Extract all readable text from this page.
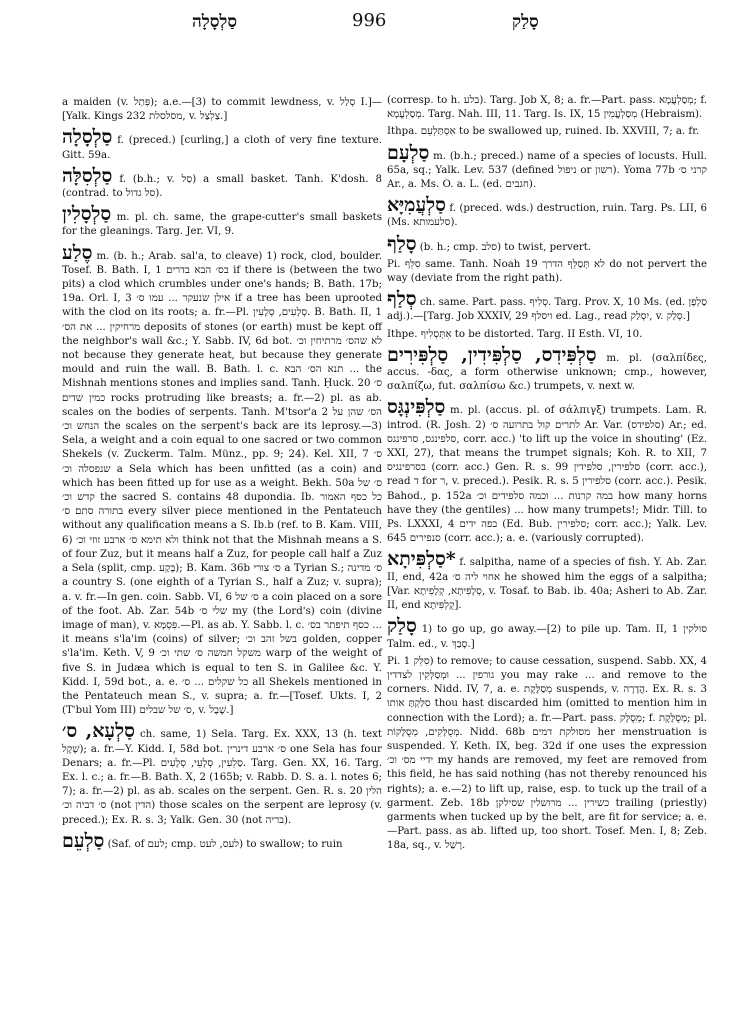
סַלְסָלָה	996	סָלַק
a maiden (v. פְּתַל); a.e.—[3) to commit lewdness, v. סְלַל I.]—[Yalk. Kings 232 מסלסלת, v. צַלְצַל.]
סַלְסָלָה f. (preced.) [curling,] a cloth of very fine texture. Gitt. 59a.
סַלְסִלָּה f. (b.h.; v. סַל) a small basket. Tanh. K'dosh. 8 (contrad. to סל גדול).
סַלְסָלִין m. pl. ch. same, the grape-cutter's small baskets for the gleanings. Targ. Jer. VI, 9.
סֶלַע m. (b. h.; Arab. sal'a, to cleave) 1) rock, clod, boulder. Tosef. B. Bath. I, 1 בס׳ הבא בדרים if there is (between the two pits) a clod which crumbles under one's hands; B. Bath. 17b; 19a. Orl. I, 3 אילן שנעקר ... עמו ס׳ if a tree has been uprooted with the clod on its roots; a. fr.—Pl. סְלָעִים, סְלָעִין. B. Bath. II, 1 מרחיקין ... את הס׳ deposits of stones (or earth) must be kept off the neighbor's wall &c.; Y. Sabb. IV, 6d bot. לא שהס׳ מרתיחין וכ׳ not because they generate heat, but because they generate mould and ruin the wall. B. Bath. l. c. תנא הס׳ הבא ... the Mishnah mentions stones and implies sand. Tanh. Ḥuck. 20 ס׳ כמין שדים rocks protruding like breasts; a. fr.—2) pl. as ab. scales on the bodies of serpents. Tanh. M'tsor'a 2 הס׳ שהן על הנחש וכ׳ the scales on the serpent's back are its leprosy.—3) Sela, a weight and a coin equal to one sacred or two common Shekels (v. Zuckerm. Talm. Münz., pp. 9; 24). Kel. XII, 7 ס׳ שנפסלה וכ׳ a Sela which has been unfitted (as a coin) and which has been fitted up for use as a weight. Bekh. 50a ס׳ של קדש וכ׳ the sacred S. contains 48 dupondia. Ib. כל כסף האמור בתורה סתם ס׳ every silver piece mentioned in the Pentateuch without any qualification means a S. Ib.b (ref. to B. Kam. VIII, 6) ולא תימא ס׳ ארבע זוזי וכ׳ think not that the Mishnah means a S. of four Zuz, but it means half a Zuz, for people call half a Zuz a Sela (split, cmp. בֶּקַע); B. Kam. 36b ס׳ צורי a Tyrian S.; ס׳ מדינה a country S. (one eighth of a Tyrian S., half a Zuz; v. supra); a. v. fr.—In gen. coin. Sabb. VI, 6 ס׳ של a coin placed on a sore of the foot. Ab. Zar. 54b שלי ס׳ my (the Lord's) coin (divine image of man), v. פִּסְמָּא.—Pl. as ab. Y. Sabb. l. c. כסף תיפתר בס׳ ... it means s'la'im (coins) of silver; בשל זהב וכ׳ golden, copper s'la'im. Keth. V, 9 משקל חמשה ס׳ שתי וכ׳ warp of the weight of five S. in Judæa which is equal to ten S. in Galilee &c. Y. Kidd. I, 59d bot., a. e. כל שקלים ... ס׳ all Shekels mentioned in the Pentateuch mean S., v. supra; a. fr.—[Tosef. Ukts. I, 2 (T'bul Yom III) ס׳ של שבלים, v. שֶׁבֶל.]
סַלְעָא, ס׳ ch. same, 1) Sela. Targ. Ex. XXX, 13 (h. text שֶׁקֶל); a. fr.—Y. Kidd. I, 58d bot. ס׳ ארבע דינרין one Sela has four Denars; a. fr.—Pl. סַלְעִין, סְלָעֵי, סְלָעִים. Targ. Gen. XX, 16. Targ. Ex. l. c.; a. fr.—B. Bath. X, 2 (165b; v. Rabb. D. S. a. l. notes 6; 7); a. fr.—2) pl. as ab. scales on the serpent. Gen. R. s. 20 הלין ס׳ דביה וכ׳ (not הדין) those scales on the serpent are leprosy (v. preced.); Ex. R. s. 3; Yalk. Gen. 30 (not בריה).
סַלְעֵם (Saf. of לעם; cmp. לעס, לעט) to swallow; to ruin
(corresp. to h. בלע). Targ. Job X, 8; a. fr.—Part. pass. מְסַלְעֲמָא; f. מְסַלְעֲמָא. Targ. Nah. III, 11. Targ. Is. IX, 15 מְסַלְעֲמִין (Hebraism).
Ithpa. אִסְתַּלְעֵם to be swallowed up, ruined. Ib. XXVIII, 7; a. fr.
סַלְעָם m. (b.h.; preced.) name of a species of locusts. Hull. 65a, sq.; Yalk. Lev. 537 (defined ניפול or רשון). Yoma 77b קרני ס׳ Ar., a. Ms. O. a. L. (ed. חגבים).
סַלְעֲמִיָּא f. (preced. wds.) destruction, ruin. Targ. Ps. LII, 6 (Ms. סלעמותא).
סָלַף (b. h.; cmp. סלב) to twist, pervert.
Pi. סִלֵּף same. Tanh. Noah 19 לא תְּסַלֵּף הדרך do not pervert the way (deviate from the right path).
סְלַף ch. same. Part. pass. סְלִיף. Targ. Prov. X, 10 Ms. (ed. סַלְפָן adj.).—[Targ. Job XXXIV, 29 ויסלף ed. Lag., read יִסְלַק, v. סְלַק.]
Ithpe. אִתְּסְלִיף to be distorted. Targ. II Esth. VI, 10.
סַלְפִּידִס, סַלְפִּידִין, סַלְפִּירִים m. pl. (σαλπίδες, accus. -δας, a form otherwise unknown; cmp., however, σαλπίζω, fut. σαλπίσω &c.) trumpets, v. next w.
סַלְפִּינְגָּס m. pl. (accus. pl. of σάλπιγξ) trumpets. Lam. R. introd. (R. Josh. 2) לתרים קול בתרועה ס׳ Ar. Var. (סלפידס) Ar.; ed. סלפינגס, סרפינגס, corr. acc.) 'to lift up the voice in shouting' (Ez. XXI, 27), that means the trumpet signals; Koh. R. to XII, 7 בסרפינגיס (corr. acc.) Gen. R. s. 99 סלפירין, סלפידין (corr. acc.), read ד for ר, v. preced.). Pesik. R. s. 5 סלפירין (corr. acc.). Pesik. Bahod., p. 152a במה קרנות ... וכמה סלפידים וכ׳ how many horns have they (the gentiles) ... how many trumpets!; Midr. Till. to Ps. LXXXI, 4 בפה ידים (Ed. Bub. סלפירין; corr. acc.); Yalk. Lev. 645 סנפירים (corr. acc.); a. e. (variously corrupted).
*סַלְפִּיתָא f. salpitha, name of a species of fish. Y. Ab. Zar. II, end, 42a אחוי ליה ס׳ he showed him the eggs of a salpitha; [Var. סְלָפִיתָא, קְלָפִיתָא, v. Tosaf. to Bab. ib. 40a; Asheri to Ab. Zar. II, end קֻלְפִּיתָא].
סָלַק 1) to go up, go away.—[2) to pile up. Tam. II, 1 סולקין Talm. ed., v. סָבַךְ.]
Pi. סִלֵּק 1) to remove; to cause cessation, suspend. Sabb. XX, 4 גורפין ... וּמְסַלְּקִין לצדדין you may rake ... and remove to the corners. Nidd. IV, 7, a. e. מְסַלֶּקֶת suspends, v. הֲדָרָה. Ex. R. s. 3 סִלַּקְתָּ אותו thou hast discarded him (omitted to mention him in connection with the Lord); a. fr.—Part. pass. מְסֻלָּק; f. מְסֻלֶּקֶת; pl. מְסֻלָּקִים, מְסֻלָּקוֹת. Nidd. 68b מסולקת דמים her menstruation is suspended. Y. Keth. IX, beg. 32d if one uses the expression ידיי מס׳ וכ׳ my hands are removed, my feet are removed from this field, he has said nothing (has not thereby renounced his rights); a. e.—2) to lift up, raise, esp. to tuck up the trail of a garment. Zeb. 18b כשירין ... מרושלין שסילקן trailing (priestly) garments when tucked up by the belt, are fit for service; a. e.—Part. pass. as ab. lifted up, too short. Tosef. Men. I, 8; Zeb. 18a, sq., v. רָשַׁל.
